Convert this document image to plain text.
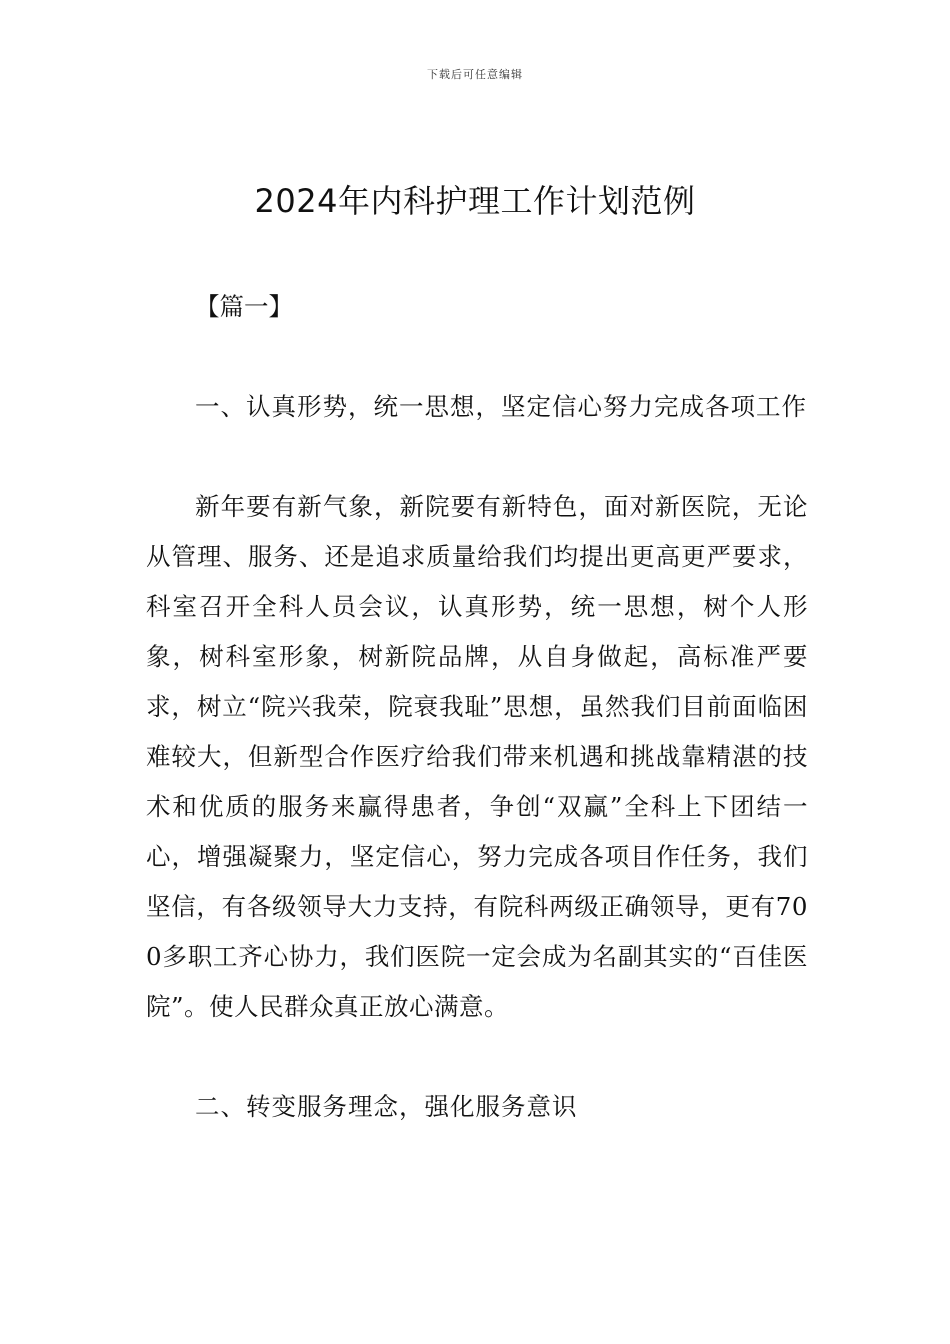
下载后可任意编辑
2024年内科护理工作计划范例

【篇一】

一、认真形势，统一思想，坚定信心努力完成各项工作

新年要有新气象，新院要有新特色，面对新医院，无论从管理、服务、还是追求质量给我们均提出更高更严要求，科室召开全科人员会议，认真形势，统一思想，树个人形象，树科室形象，树新院品牌，从自身做起，高标准严要求，树立“院兴我荣，院衰我耻”思想，虽然我们目前面临困难较大，但新型合作医疗给我们带来机遇和挑战靠精湛的技术和优质的服务来赢得患者，争创“双赢”全科上下团结一心，增强凝聚力，坚定信心，努力完成各项目作任务，我们坚信，有各级领导大力支持，有院科两级正确领导，更有700多职工齐心协力，我们医院一定会成为名副其实的“百佳医院”。使人民群众真正放心满意。

二、转变服务理念，强化服务意识
